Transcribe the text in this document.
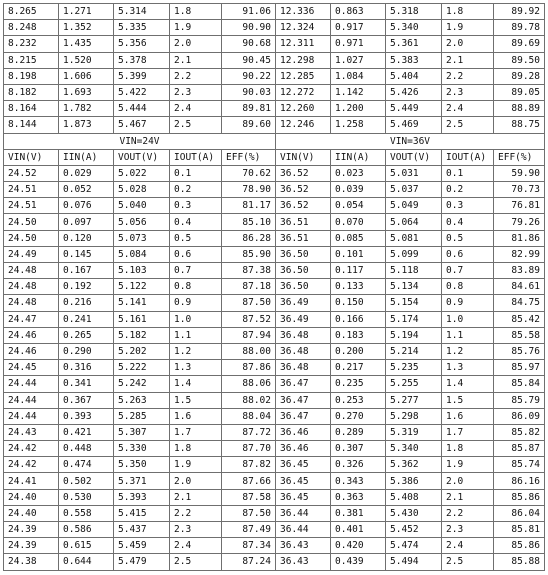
8.265	1.271	5.314	1.8	91.06	12.336	0.863	5.318	1.8	89.92
8.248	1.352	5.335	1.9	90.90	12.324	0.917	5.340	1.9	89.78
8.232	1.435	5.356	2.0	90.68	12.311	0.971	5.361	2.0	89.69
8.215	1.520	5.378	2.1	90.45	12.298	1.027	5.383	2.1	89.50
8.198	1.606	5.399	2.2	90.22	12.285	1.084	5.404	2.2	89.28
8.182	1.693	5.422	2.3	90.03	12.272	1.142	5.426	2.3	89.05
8.164	1.782	5.444	2.4	89.81	12.260	1.200	5.449	2.4	88.89
8.144	1.873	5.467	2.5	89.60	12.246	1.258	5.469	2.5	88.75
VIN=24V					VIN=36V				
VIN(V)	IIN(A)	VOUT(V)	IOUT(A)	EFF(%)	VIN(V)	IIN(A)	VOUT(V)	IOUT(A)	EFF(%)
24.52	0.029	5.022	0.1	70.62	36.52	0.023	5.031	0.1	59.90
24.51	0.052	5.028	0.2	78.90	36.52	0.039	5.037	0.2	70.73
24.51	0.076	5.040	0.3	81.17	36.52	0.054	5.049	0.3	76.81
24.50	0.097	5.056	0.4	85.10	36.51	0.070	5.064	0.4	79.26
24.50	0.120	5.073	0.5	86.28	36.51	0.085	5.081	0.5	81.86
24.49	0.145	5.084	0.6	85.90	36.50	0.101	5.099	0.6	82.99
24.48	0.167	5.103	0.7	87.38	36.50	0.117	5.118	0.7	83.89
24.48	0.192	5.122	0.8	87.18	36.50	0.133	5.134	0.8	84.61
24.48	0.216	5.141	0.9	87.50	36.49	0.150	5.154	0.9	84.75
24.47	0.241	5.161	1.0	87.52	36.49	0.166	5.174	1.0	85.42
24.46	0.265	5.182	1.1	87.94	36.48	0.183	5.194	1.1	85.58
24.46	0.290	5.202	1.2	88.00	36.48	0.200	5.214	1.2	85.76
24.45	0.316	5.222	1.3	87.86	36.48	0.217	5.235	1.3	85.97
24.44	0.341	5.242	1.4	88.06	36.47	0.235	5.255	1.4	85.84
24.44	0.367	5.263	1.5	88.02	36.47	0.253	5.277	1.5	85.79
24.44	0.393	5.285	1.6	88.04	36.47	0.270	5.298	1.6	86.09
24.43	0.421	5.307	1.7	87.72	36.46	0.289	5.319	1.7	85.82
24.42	0.448	5.330	1.8	87.70	36.46	0.307	5.340	1.8	85.87
24.42	0.474	5.350	1.9	87.82	36.45	0.326	5.362	1.9	85.74
24.41	0.502	5.371	2.0	87.66	36.45	0.343	5.386	2.0	86.16
24.40	0.530	5.393	2.1	87.58	36.45	0.363	5.408	2.1	85.86
24.40	0.558	5.415	2.2	87.50	36.44	0.381	5.430	2.2	86.04
24.39	0.586	5.437	2.3	87.49	36.44	0.401	5.452	2.3	85.81
24.39	0.615	5.459	2.4	87.34	36.43	0.420	5.474	2.4	85.86
24.38	0.644	5.479	2.5	87.24	36.43	0.439	5.494	2.5	85.88
